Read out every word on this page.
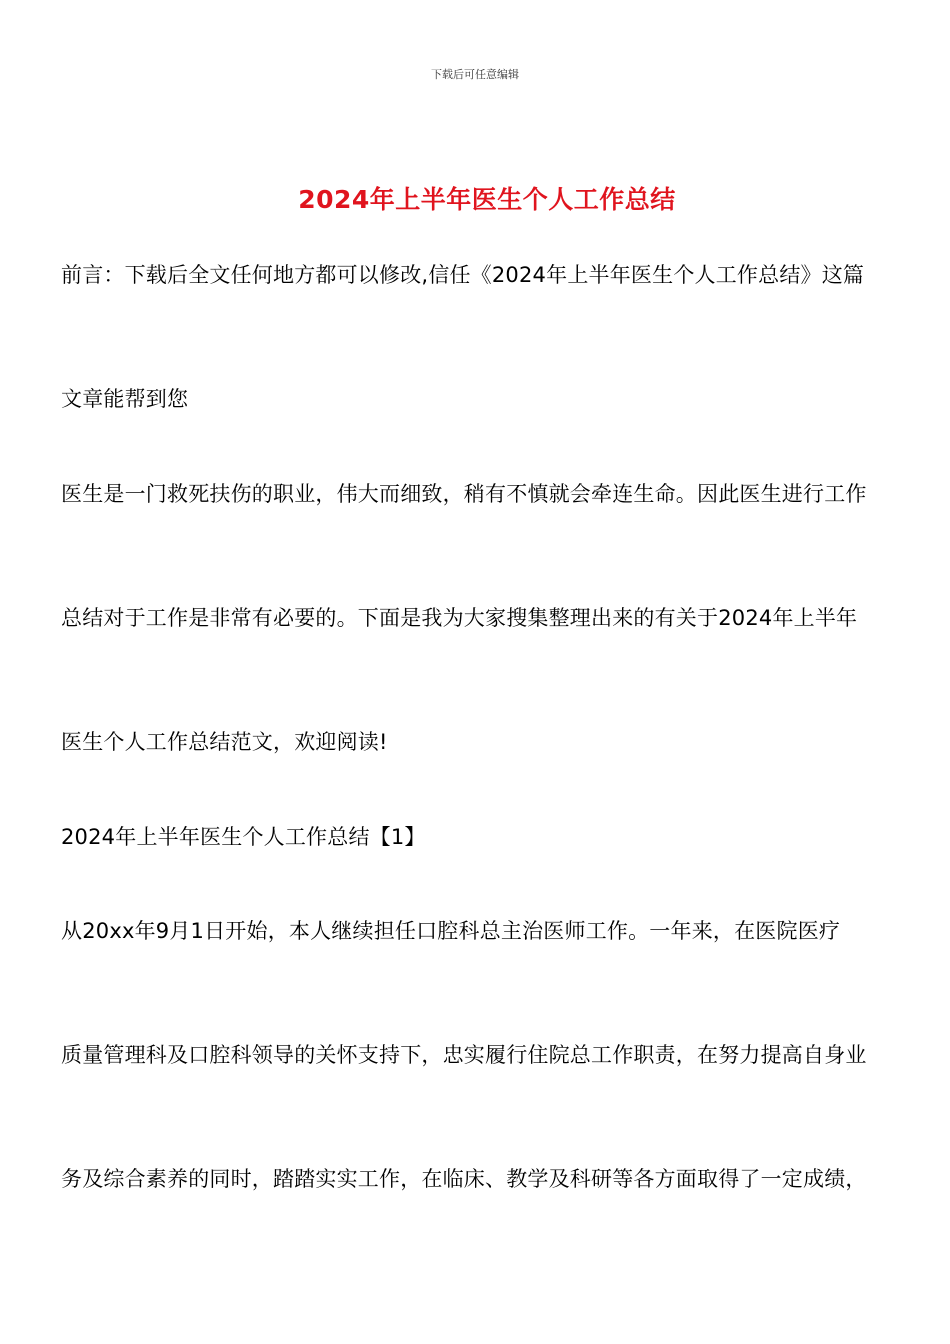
下载后可任意编辑
2024年上半年医生个人工作总结
前言：下载后全文任何地方都可以修改,信任《2024年上半年医生个人工作总结》这篇
文章能帮到您
医生是一门救死扶伤的职业，伟大而细致，稍有不慎就会牵连生命。因此医生进行工作
总结对于工作是非常有必要的。下面是我为大家搜集整理出来的有关于2024年上半年
医生个人工作总结范文，欢迎阅读!
2024年上半年医生个人工作总结【1】
从20xx年9月1日开始，本人继续担任口腔科总主治医师工作。一年来，在医院医疗
质量管理科及口腔科领导的关怀支持下，忠实履行住院总工作职责，在努力提高自身业
务及综合素养的同时，踏踏实实工作，在临床、教学及科研等各方面取得了一定成绩，
